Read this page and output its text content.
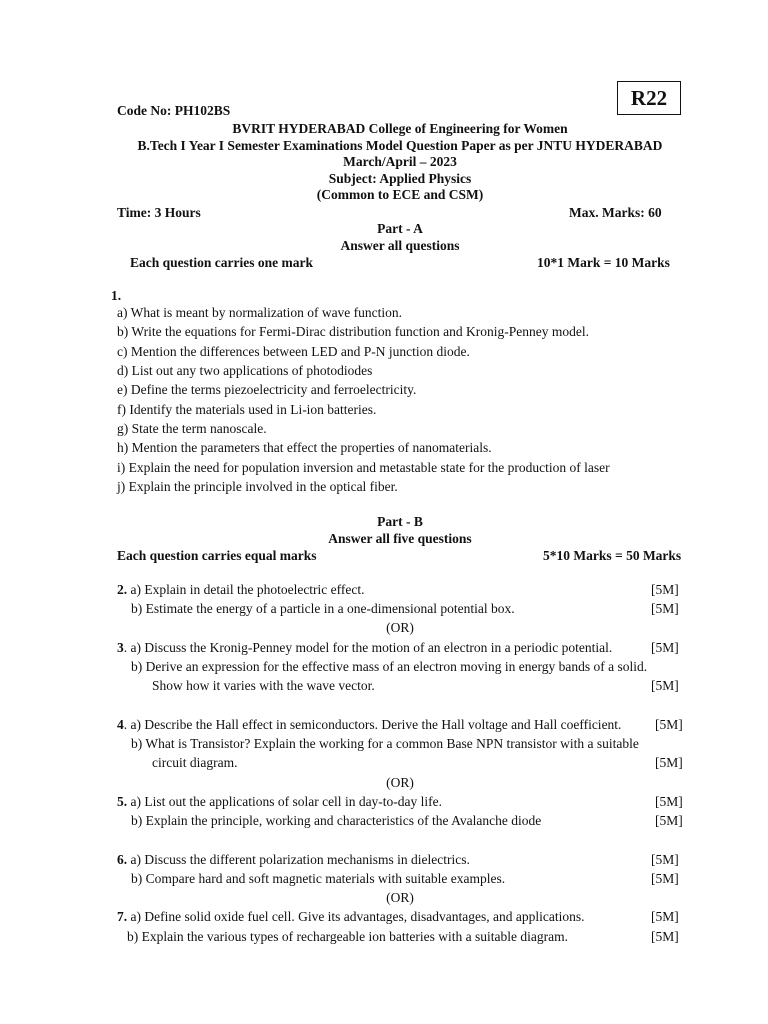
R22
Code No: PH102BS
BVRIT HYDERABAD College of Engineering for Women
B.Tech I Year I Semester Examinations Model Question Paper as per JNTU HYDERABAD
March/April – 2023
Subject: Applied Physics
(Common to ECE and CSM)
Time: 3 Hours	Max. Marks: 60
Part - A
Answer all questions
Each question carries one mark	10*1 Mark = 10 Marks
1.
a) What is meant by normalization of wave function.
b) Write the equations for Fermi-Dirac distribution function and Kronig-Penney model.
c) Mention the differences between LED and P-N junction diode.
d) List out any two applications of photodiodes
e) Define the terms piezoelectricity and ferroelectricity.
f) Identify the materials used in Li-ion batteries.
g) State the term nanoscale.
h) Mention the parameters that effect the properties of nanomaterials.
i) Explain the need for population inversion and metastable state for the production of laser
j) Explain the principle involved in the optical fiber.
Part - B
Answer all five questions
Each question carries equal marks	5*10 Marks = 50 Marks
2. a) Explain in detail the photoelectric effect.	[5M]
b) Estimate the energy of a particle in a one-dimensional potential box.	[5M]
(OR)
3. a) Discuss the Kronig-Penney model for the motion of an electron in a periodic potential.	[5M]
b) Derive an expression for the effective mass of an electron moving in energy bands of a solid.
Show how it varies with the wave vector.	[5M]
4. a) Describe the Hall effect in semiconductors. Derive the Hall voltage and Hall coefficient. [5M]
b) What is Transistor? Explain the working for a common Base NPN transistor with a suitable
circuit diagram.	[5M]
(OR)
5. a) List out the applications of solar cell in day-to-day life.	[5M]
b) Explain the principle, working and characteristics of the Avalanche diode	[5M]
6. a) Discuss the different polarization mechanisms in dielectrics.	[5M]
b) Compare hard and soft magnetic materials with suitable examples.	[5M]
(OR)
7. a) Define solid oxide fuel cell. Give its advantages, disadvantages, and applications.	[5M]
b) Explain the various types of rechargeable ion batteries with a suitable diagram.	[5M]
